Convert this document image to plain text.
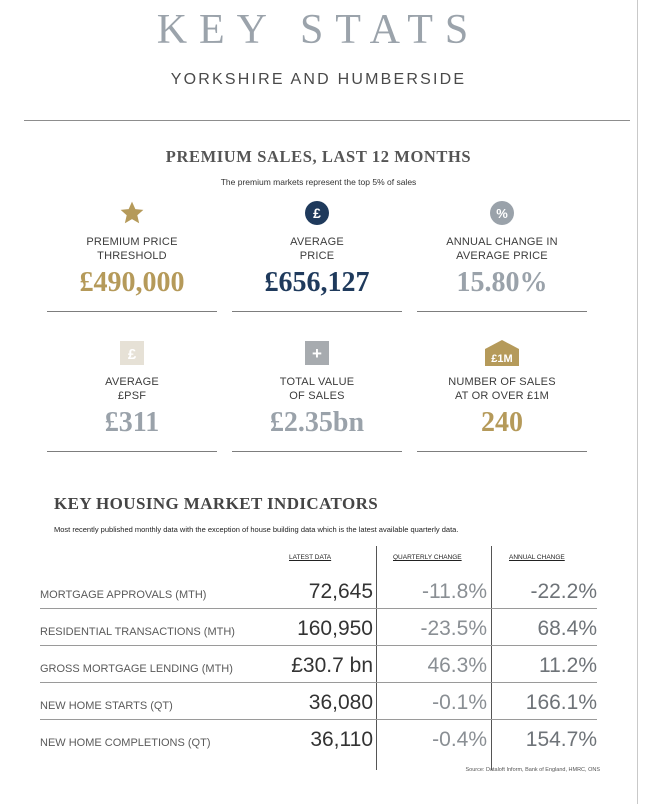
KEY STATS
YORKSHIRE AND HUMBERSIDE
PREMIUM SALES, LAST 12 MONTHS
The premium markets represent the top 5% of sales
PREMIUM PRICE
THRESHOLD
£490,000
£
AVERAGE
PRICE
£656,127
%
ANNUAL CHANGE IN
AVERAGE PRICE
15.80%
£
AVERAGE
£PSF
£311
+
TOTAL VALUE
OF SALES
£2.35bn
£1M
NUMBER OF SALES
AT OR OVER £1M
240
KEY HOUSING MARKET INDICATORS
Most recently published monthly data with the exception of house building data which is the latest available quarterly data.
LATEST DATA	QUARTERLY CHANGE	ANNUAL CHANGE
MORTGAGE APPROVALS (MTH)	72,645 -11.8% -22.2%
RESIDENTIAL TRANSACTIONS (MTH)	160,950 -23.5% 68.4%
GROSS MORTGAGE LENDING (MTH)	£30.7 bn	46.3% 11.2%
NEW HOME STARTS (QT)	36,080	-0.1% 166.1%
NEW HOME COMPLETIONS (QT)	36,110	-0.4% 154.7%
Source: Dataloft Inform, Bank of England, HMRC, ONS
